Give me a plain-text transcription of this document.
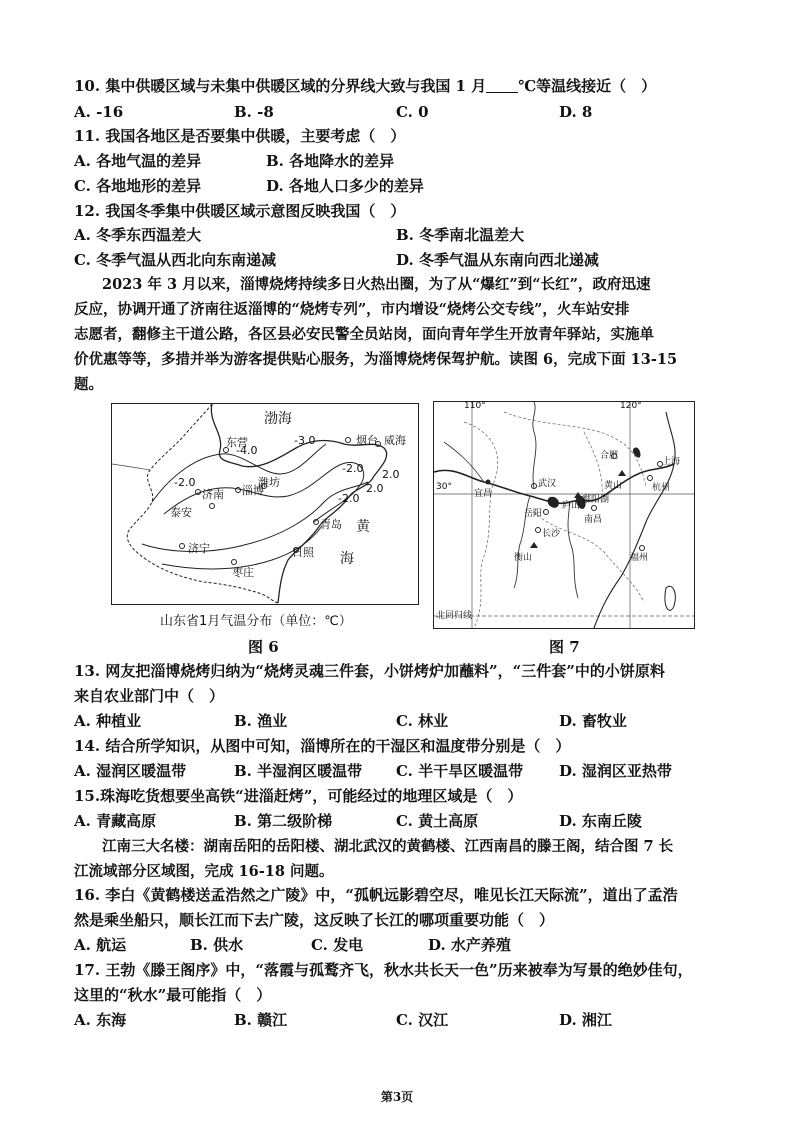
10. 集中供暖区域与未集中供暖区域的分界线大致与我国 1 月 ℃等温线接近（　）
A. -16	B. -8	C. 0	D. 8
11. 我国各地区是否要集中供暖，主要考虑（　）
A. 各地气温的差异	B. 各地降水的差异
C. 各地地形的差异	D. 各地人口多少的差异
12. 我国冬季集中供暖区域示意图反映我国（　）
A. 冬季东西温差大	B. 冬季南北温差大
C. 冬季气温从西北向东南递减	D. 冬季气温从东南向西北递减
2023 年 3 月以来，淄博烧烤持续多日火热出圈，为了从“爆红”到“长红”，政府迅速
反应，协调开通了济南往返淄博的“烧烤专列”，市内增设“烧烤公交专线”，火车站安排
志愿者，翻修主干道公路，各区县必安民警全员站岗，面向青年学生开放青年驿站，实施单
价优惠等等，多措并举为游客提供贴心服务，为淄博烧烤保驾护航。读图 6，完成下面 13-15
题。
渤海
东营	烟台 威海
济南 淄博
潍坊
泰安
青岛 黄
海
济宁	日照
枣庄
-4.0
-3.0
-2.0
-2.0
-2.0
2.0
2.0
山东省1月气温分布（单位：℃）
图 6
110°	120°
30°
宜昌
武汉
南昌
岳阳
长沙
衡山
上海
杭州
鄱阳湖
庐山
黄山
合肥
福州
北回归线
图 7
13. 网友把淄博烧烤归纳为“烧烤灵魂三件套，小饼烤炉加蘸料”，“三件套”中的小饼原料
来自农业部门中（　）
A. 种植业	B. 渔业	C. 林业	D. 畜牧业
14. 结合所学知识，从图中可知，淄博所在的干湿区和温度带分别是（　）
A. 湿润区暖温带	B. 半湿润区暖温带 C. 半干旱区暖温带 D. 湿润区亚热带
15.珠海吃货想要坐高铁“进淄赶烤”，可能经过的地理区域是（　）
A. 青藏高原	B. 第二级阶梯	C. 黄土高原	D. 东南丘陵
江南三大名楼：湖南岳阳的岳阳楼、湖北武汉的黄鹤楼、江西南昌的滕王阁，结合图 7 长
江流域部分区域图，完成 16-18 问题。
16. 李白《黄鹤楼送孟浩然之广陵》中，“孤帆远影碧空尽，唯见长江天际流”，道出了孟浩
然是乘坐船只，顺长江而下去广陵，这反映了长江的哪项重要功能（　）
A. 航运	B. 供水	C. 发电	D. 水产养殖
17. 王勃《滕王阁序》中，“落霞与孤鹜齐飞，秋水共长天一色”历来被奉为写景的绝妙佳句，
这里的“秋水”最可能指（　）
A. 东海	B. 赣江	C. 汉江	D. 湘江
第3页
